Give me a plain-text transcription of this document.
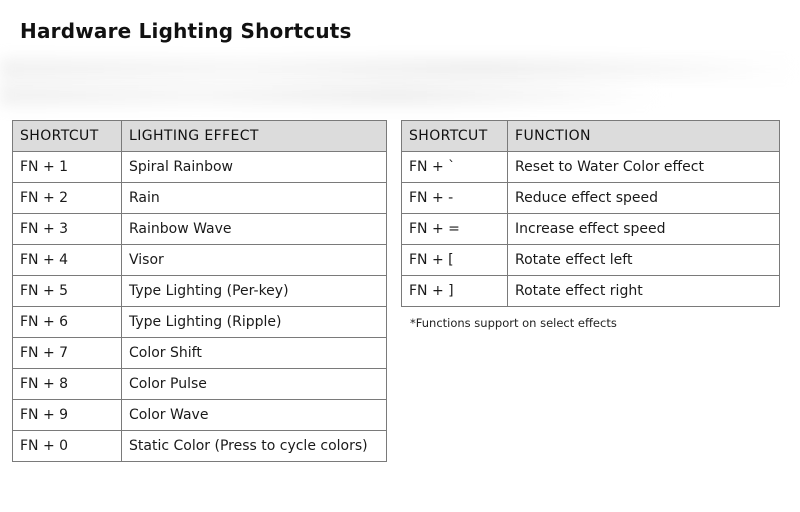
Hardware Lighting Shortcuts
SHORTCUT	LIGHTING EFFECT
FN + 1	Spiral Rainbow
FN + 2	Rain
FN + 3	Rainbow Wave
FN + 4	Visor
FN + 5	Type Lighting (Per-key)
FN + 6	Type Lighting (Ripple)
FN + 7	Color Shift
FN + 8	Color Pulse
FN + 9	Color Wave
FN + 0	Static Color (Press to cycle colors)
SHORTCUT	FUNCTION
FN + `	Reset to Water Color effect
FN + -	Reduce effect speed
FN + =	Increase effect speed
FN + [	Rotate effect left
FN + ]	Rotate effect right

*Functions support on select effects
